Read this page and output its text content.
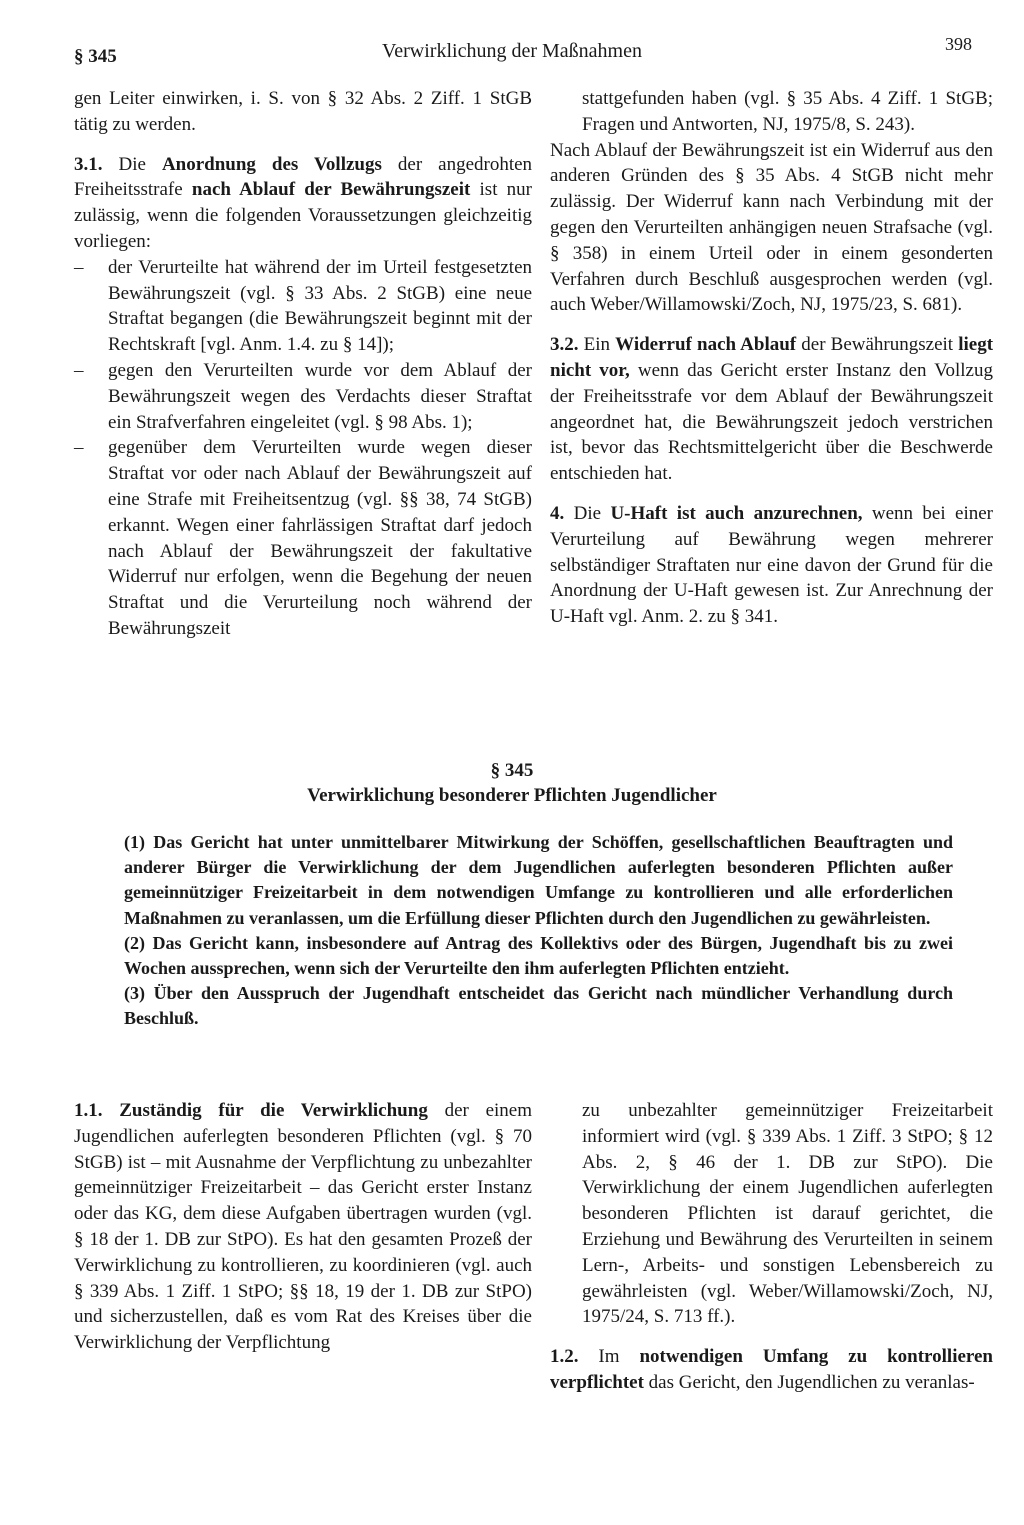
§ 345	Verwirklichung der Maßnahmen	398

gen Leiter einwirken, i. S. von § 32 Abs. 2 Ziff. 1 StGB tätig zu werden.

3.1. Die Anordnung des Vollzugs der angedrohten Freiheitsstrafe nach Ablauf der Bewährungszeit ist nur zulässig, wenn die folgenden Voraussetzungen gleichzeitig vorliegen:

–	der Verurteilte hat während der im Urteil festgesetzten Bewährungszeit (vgl. § 33 Abs. 2 StGB) eine neue Straftat begangen (die Bewährungszeit beginnt mit der Rechtskraft [vgl. Anm. 1.4. zu § 14]);
–	gegen den Verurteilten wurde vor dem Ablauf der Bewährungszeit wegen des Verdachts dieser Straftat ein Strafverfahren eingeleitet (vgl. § 98 Abs. 1);
–	gegenüber dem Verurteilten wurde wegen dieser Straftat vor oder nach Ablauf der Bewährungszeit auf eine Strafe mit Freiheitsentzug (vgl. §§ 38, 74 StGB) erkannt. Wegen einer fahrlässigen Straftat darf jedoch nach Ablauf der Bewährungszeit der fakultative Widerruf nur erfolgen, wenn die Begehung der neuen Straftat und die Verurteilung noch während der Bewährungszeit

stattgefunden haben (vgl. § 35 Abs. 4 Ziff. 1 StGB; Fragen und Antworten, NJ, 1975/8, S. 243).

Nach Ablauf der Bewährungszeit ist ein Widerruf aus den anderen Gründen des § 35 Abs. 4 StGB nicht mehr zulässig. Der Widerruf kann nach Verbindung mit der gegen den Verurteilten anhängigen neuen Strafsache (vgl. § 358) in einem Urteil oder in einem gesonderten Verfahren durch Beschluß ausgesprochen werden (vgl. auch Weber/Willamowski/Zoch, NJ, 1975/23, S. 681).

3.2. Ein Widerruf nach Ablauf der Bewährungszeit liegt nicht vor, wenn das Gericht erster Instanz den Vollzug der Freiheitsstrafe vor dem Ablauf der Bewährungszeit angeordnet hat, die Bewährungszeit jedoch verstrichen ist, bevor das Rechtsmittelgericht über die Beschwerde entschieden hat.

4. Die U-Haft ist auch anzurechnen, wenn bei einer Verurteilung auf Bewährung wegen mehrerer selbständiger Straftaten nur eine davon der Grund für die Anordnung der U-Haft gewesen ist. Zur Anrechnung der U-Haft vgl. Anm. 2. zu § 341.

§ 345
Verwirklichung besonderer Pflichten Jugendlicher

(1) Das Gericht hat unter unmittelbarer Mitwirkung der Schöffen, gesellschaftlichen Beauftragten und anderer Bürger die Verwirklichung der dem Jugendlichen auferlegten besonderen Pflichten außer gemeinnütziger Freizeitarbeit in dem notwendigen Umfange zu kontrollieren und alle erforderlichen Maßnahmen zu veranlassen, um die Erfüllung dieser Pflichten durch den Jugendlichen zu gewährleisten.

(2) Das Gericht kann, insbesondere auf Antrag des Kollektivs oder des Bürgen, Jugendhaft bis zu zwei Wochen aussprechen, wenn sich der Verurteilte den ihm auferlegten Pflichten entzieht.

(3) Über den Ausspruch der Jugendhaft entscheidet das Gericht nach mündlicher Verhandlung durch Beschluß.

1.1. Zuständig für die Verwirklichung der einem Jugendlichen auferlegten besonderen Pflichten (vgl. § 70 StGB) ist – mit Ausnahme der Verpflichtung zu unbezahlter gemeinnütziger Freizeitarbeit – das Gericht erster Instanz oder das KG, dem diese Aufgaben übertragen wurden (vgl. § 18 der 1. DB zur StPO). Es hat den gesamten Prozeß der Verwirklichung zu kontrollieren, zu koordinieren (vgl. auch § 339 Abs. 1 Ziff. 1 StPO; §§ 18, 19 der 1. DB zur StPO) und sicherzustellen, daß es vom Rat des Kreises über die Verwirklichung der Verpflichtung

zu unbezahlter gemeinnütziger Freizeitarbeit informiert wird (vgl. § 339 Abs. 1 Ziff. 3 StPO; § 12 Abs. 2, § 46 der 1. DB zur StPO). Die Verwirklichung der einem Jugendlichen auferlegten besonderen Pflichten ist darauf gerichtet, die Erziehung und Bewährung des Verurteilten in seinem Lern-, Arbeits- und sonstigen Lebensbereich zu gewährleisten (vgl. Weber/Willamowski/Zoch, NJ, 1975/24, S. 713 ff.).

1.2. Im notwendigen Umfang zu kontrollieren verpflichtet das Gericht, den Jugendlichen zu veranlas-
